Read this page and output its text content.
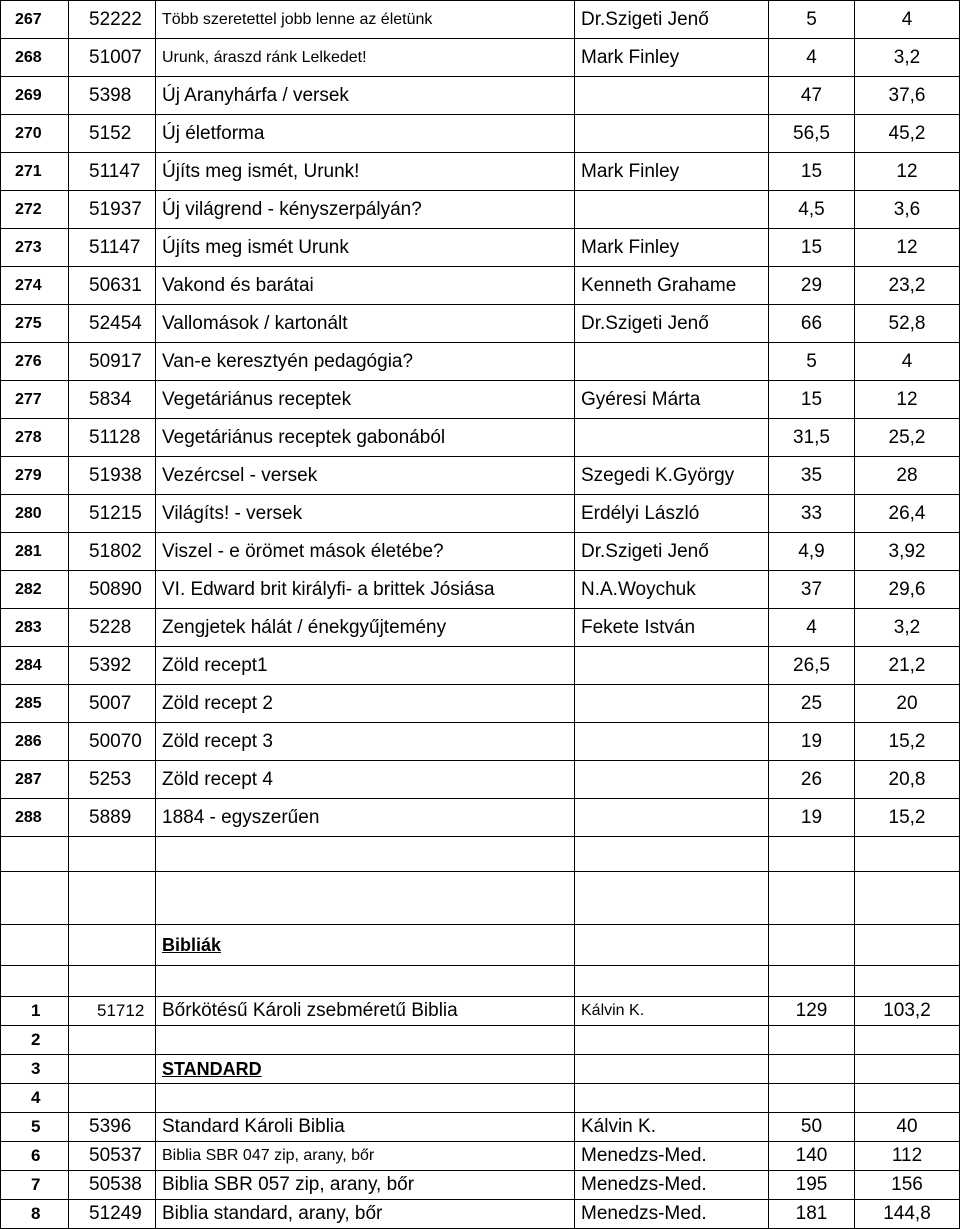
267	52222	Több szeretettel jobb lenne az életünk	Dr.Szigeti Jenő	5	4
268	51007	Urunk, áraszd ránk Lelkedet!	Mark Finley	4	3,2
269	5398	Új Aranyhárfa / versek		47	37,6
270	5152	Új életforma		56,5	45,2
271	51147	Újíts meg ismét, Urunk!	Mark Finley	15	12
272	51937	Új világrend - kényszerpályán?		4,5	3,6
273	51147	Újíts meg ismét Urunk	Mark Finley	15	12
274	50631	Vakond és barátai	Kenneth Grahame	29	23,2
275	52454	Vallomások / kartonált	Dr.Szigeti Jenő	66	52,8
276	50917	Van-e keresztyén pedagógia?		5	4
277	5834	Vegetáriánus receptek	Gyéresi Márta	15	12
278	51128	Vegetáriánus receptek gabonából		31,5	25,2
279	51938	Vezércsel - versek	Szegedi K.György	35	28
280	51215	Világíts! - versek	Erdélyi László	33	26,4
281	51802	Viszel - e örömet mások életébe?	Dr.Szigeti Jenő	4,9	3,92
282	50890	VI. Edward brit királyfi- a brittek Jósiása	N.A.Woychuk	37	29,6
283	5228	Zengjetek hálát / énekgyűjtemény	Fekete István	4	3,2
284	5392	Zöld recept1		26,5	21,2
285	5007	Zöld recept 2		25	20
286	50070	Zöld recept 3		19	15,2
287	5253	Zöld recept 4		26	20,8
288	5889	1884 - egyszerűen		19	15,2

		Bibliák			

1	51712	Bőrkötésű Károli zsebméretű Biblia	Kálvin K.	129	103,2
2					
3		STANDARD			
4					
5	5396	Standard Károli Biblia	Kálvin K.	50	40
6	50537	Biblia SBR 047 zip, arany, bőr	Menedzs-Med.	140	112
7	50538	Biblia SBR 057 zip, arany, bőr	Menedzs-Med.	195	156
8	51249	Biblia standard, arany, bőr	Menedzs-Med.	181	144,8
